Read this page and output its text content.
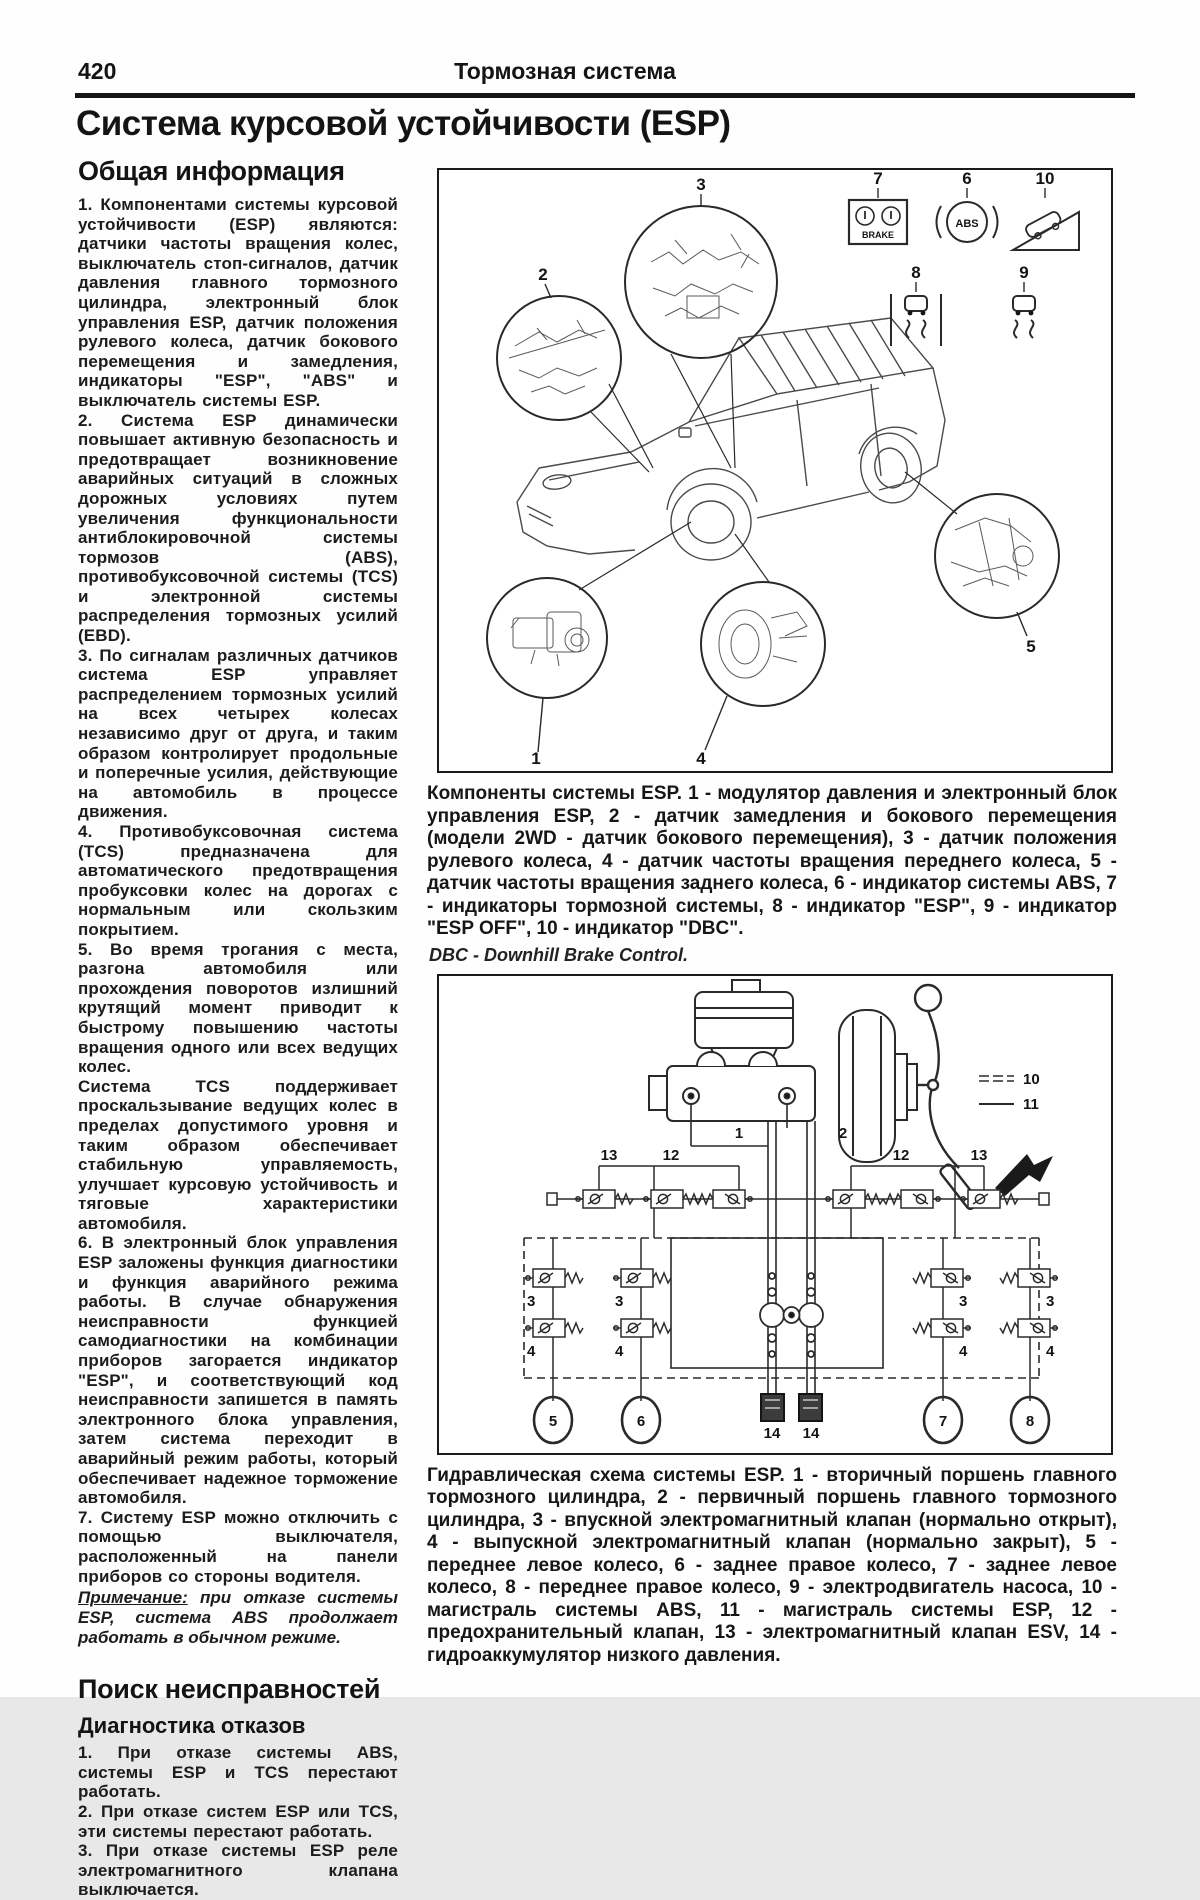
420	Тормозная система
Система курсовой устойчивости (ESP)
Общая информация

1. Компонентами системы курсовой устойчивости (ESP) являются: датчики частоты вращения колес, выключатель стоп-сигналов, датчик давления главного тормозного цилиндра, электронный блок управления ESP, датчик положения рулевого колеса, датчик бокового перемещения и замедления, индикаторы "ESP", "ABS" и выключатель системы ESP.

2. Система ESP динамически повышает активную безопасность и предотвращает возникновение аварийных ситуаций в сложных дорожных условиях путем увеличения функциональности антиблокировочной системы тормозов (ABS), противобуксовочной системы (TCS) и электронной системы распределения тормозных усилий (EBD).

3. По сигналам различных датчиков система ESP управляет распределением тормозных усилий на всех четырех колесах независимо друг от друга, и таким образом контролирует продольные и поперечные усилия, действующие на автомобиль в процессе движения.

4. Противобуксовочная система (TCS) предназначена для автоматического предотвращения пробуксовки колес на дорогах с нормальным или скользким покрытием.

5. Во время трогания с места, разгона автомобиля или прохождения поворотов излишний крутящий момент приводит к быстрому повышению частоты вращения одного или всех ведущих колес.

Система TCS поддерживает проскальзывание ведущих колес в пределах допустимого уровня и таким образом обеспечивает стабильную управляемость, улучшает курсовую устойчивость и тяговые характеристики автомобиля.

6. В электронный блок управления ESP заложены функция диагностики и функция аварийного режима работы. В случае обнаружения неисправности функцией самодиагностики на комбинации приборов загорается индикатор "ESP", и соответствующий код неисправности запишется в память электронного блока управления, затем система переходит в аварийный режим работы, который обеспечивает надежное торможение автомобиля.

7. Систему ESP можно отключить с помощью выключателя, расположенный на панели приборов со стороны водителя.

Примечание: при отказе системы ESP, система ABS продолжает работать в обычном режиме.
Поиск неисправностей
Диагностика отказов

1. При отказе системы ABS, системы ESP и TCS перестают работать.

2. При отказе систем ESP или TCS, эти системы перестают работать.

3. При отказе системы ESP реле электромагнитного клапана выключается.

3
2
1	4
5
7
BRAKE
6
ABS
10
8	9

Компоненты системы ESP. 1 - модулятор давления и электронный блок управления ESP, 2 - датчик замедления и бокового перемещения (модели 2WD - датчик бокового перемещения), 3 - датчик положения рулевого колеса, 4 - датчик частоты вращения переднего колеса, 5 - датчик частоты вращения заднего колеса, 6 - индикатор системы ABS, 7 - индикаторы тормозной системы, 8 - индикатор "ESP", 9 - индикатор "ESP OFF", 10 - индикатор "DBC".

DBC - Downhill Brake Control.

10
11
1	2
13	12	12	13
3	3
4	4
3	3
4	4
14 14
5	6	7	8

Гидравлическая схема системы ESP. 1 - вторичный поршень главного тормозного цилиндра, 2 - первичный поршень главного тормозного цилиндра, 3 - впускной электромагнитный клапан (нормально открыт), 4 - выпускной электромагнитный клапан (нормально закрыт), 5 - переднее левое колесо, 6 - заднее правое колесо, 7 - заднее левое колесо, 8 - переднее правое колесо, 9 - электродвигатель насоса, 10 - магистраль системы ABS, 11 - магистраль системы ESP, 12 - предохранительный клапан, 13 - электромагнитный клапан ESV, 14 - гидроаккумулятор низкого давления.
